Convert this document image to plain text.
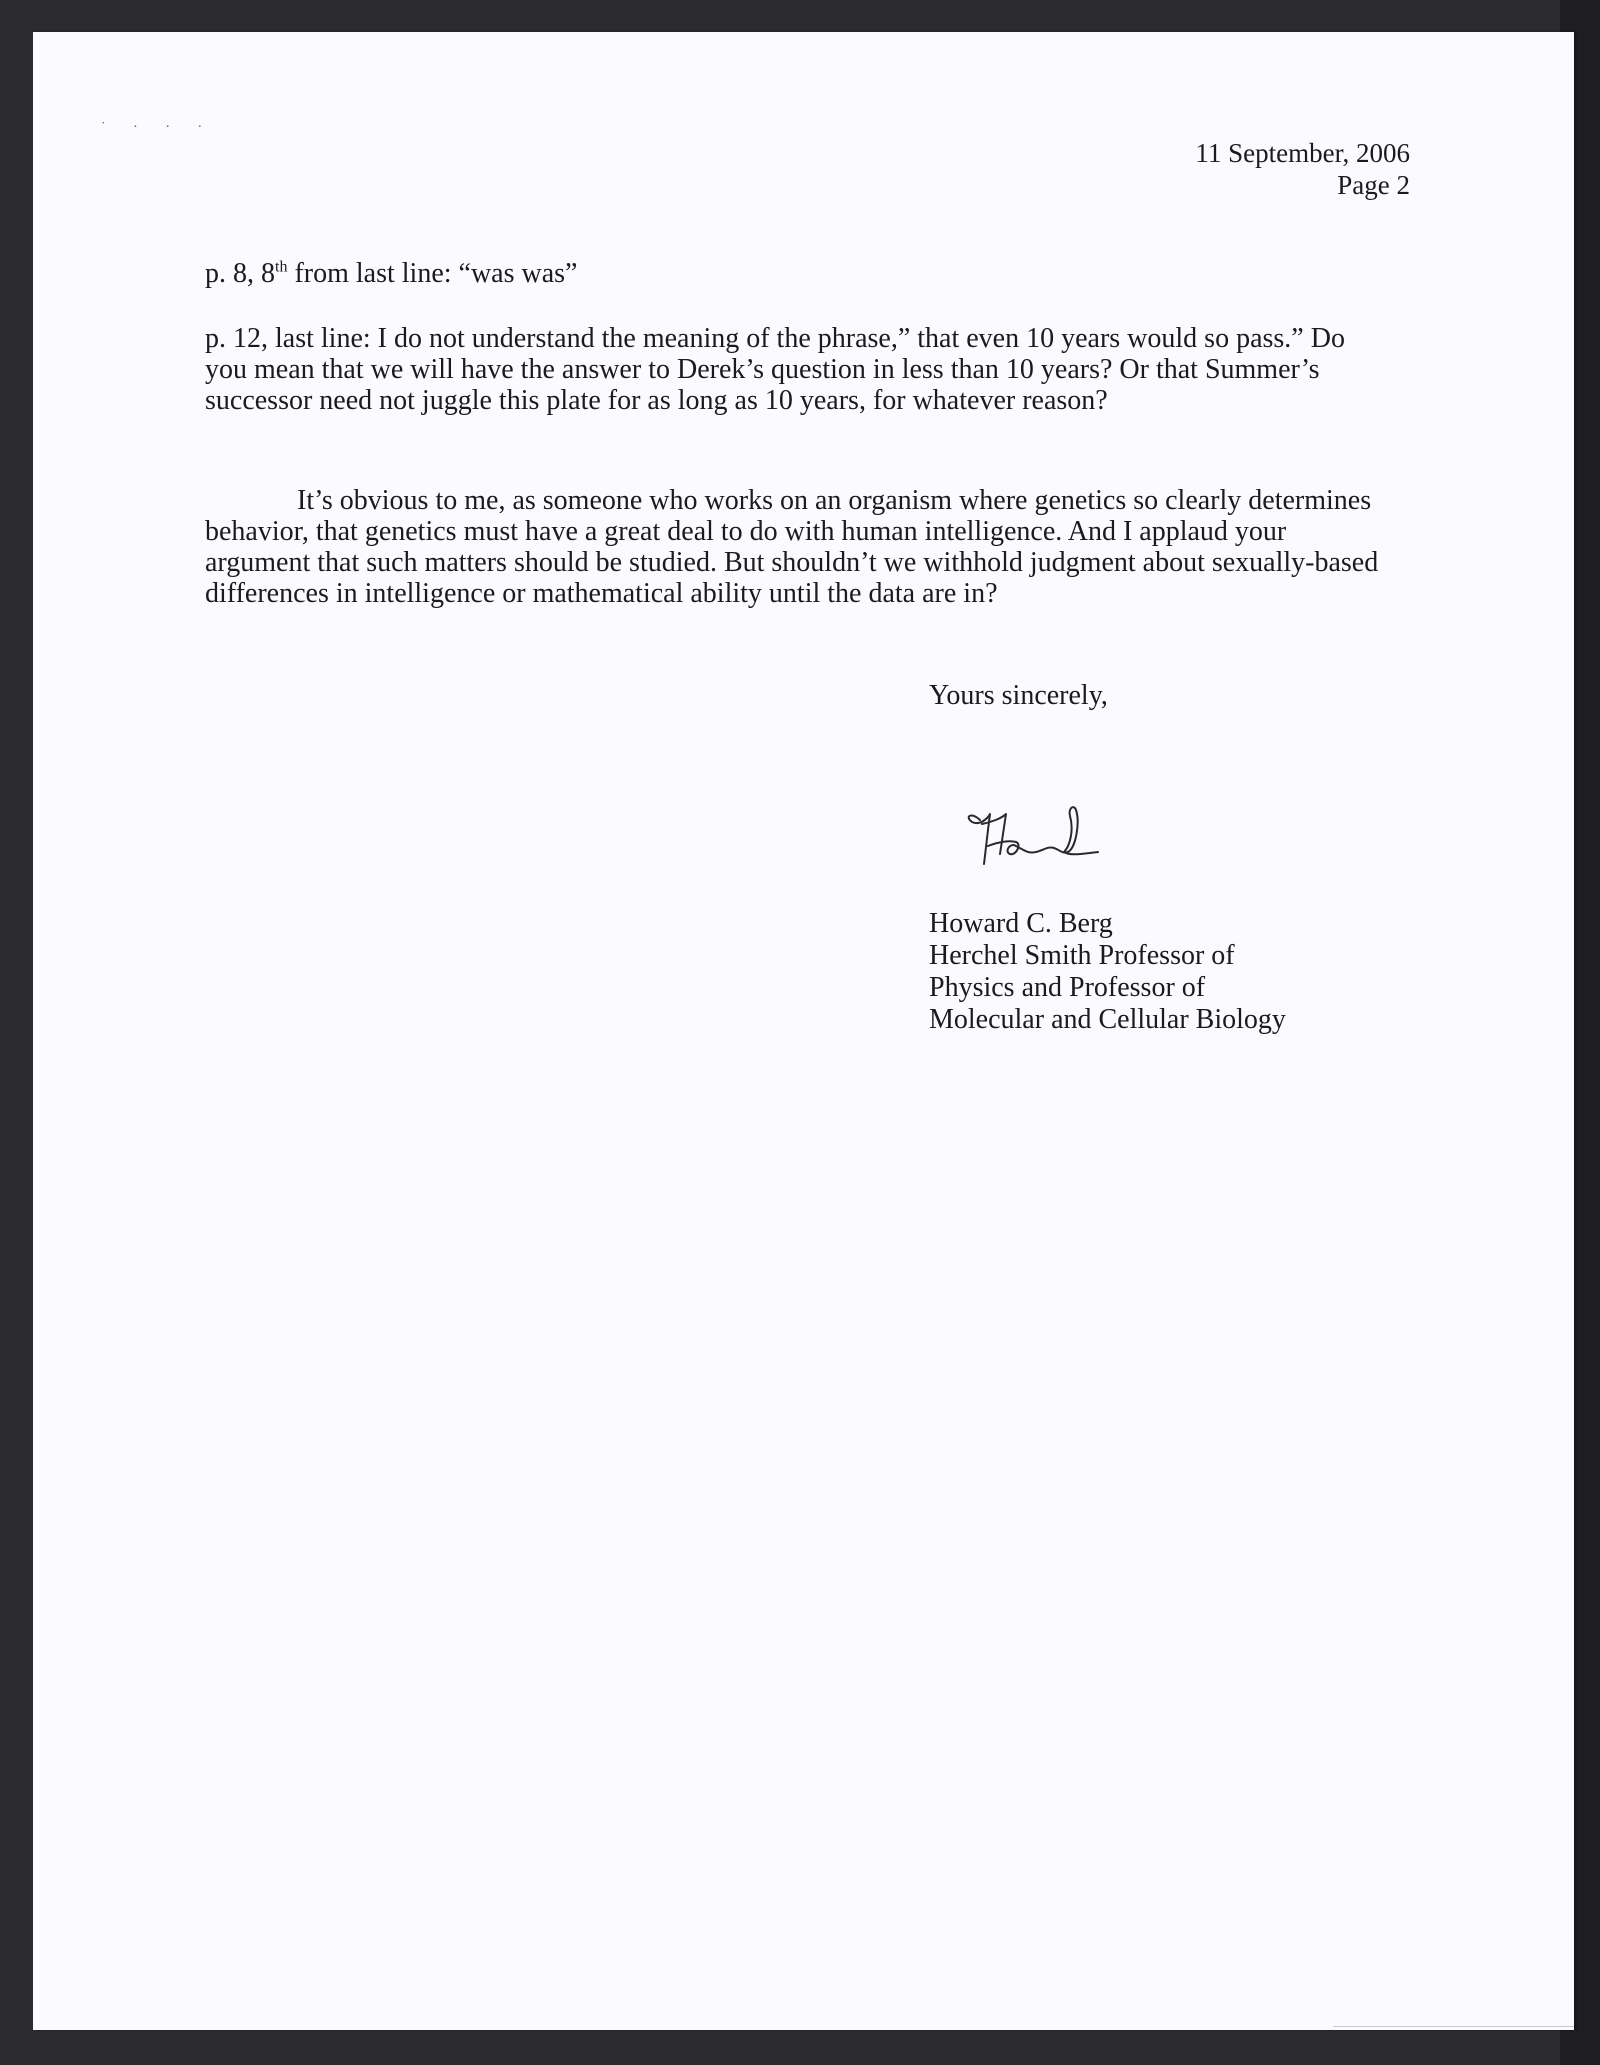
˙ · · ·
11 September, 2006
Page 2

p. 8, 8th from last line: “was was”

p. 12, last line: I do not understand the meaning of the phrase,” that even 10 years would so pass.” Do you mean that we will have the answer to Derek’s question in less than 10 years? Or that Summer’s successor need not juggle this plate for as long as 10 years, for whatever reason?

It’s obvious to me, as someone who works on an organism where genetics so clearly determines behavior, that genetics must have a great deal to do with human intelligence. And I applaud your argument that such matters should be studied. But shouldn’t we withhold judgment about sexually-based differences in intelligence or mathematical ability until the data are in?

Yours sincerely,
Howard C. Berg
Herchel Smith Professor of
Physics and Professor of
Molecular and Cellular Biology
